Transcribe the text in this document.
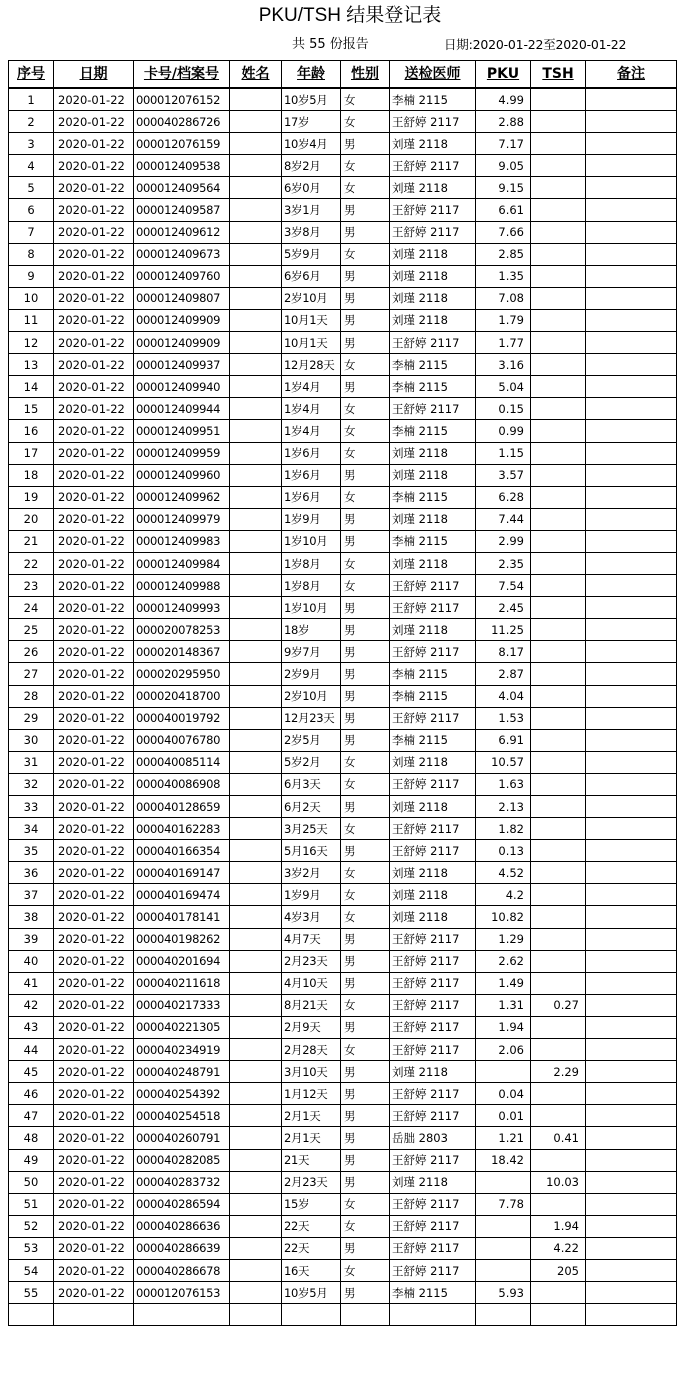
PKU/TSH 结果登记表
共 55 份报告	日期:2020-01-22至2020-01-22
序号	日期	卡号/档案号	姓名	年龄	性别	送检医师	PKU	TSH	备注
1	2020-01-22	000012076152		10岁5月	女	李楠 2115	4.99		
2	2020-01-22	000040286726		17岁	女	王舒婷 2117	2.88		
3	2020-01-22	000012076159		10岁4月	男	刘瑾 2118	7.17		
4	2020-01-22	000012409538		8岁2月	女	王舒婷 2117	9.05		
5	2020-01-22	000012409564		6岁0月	女	刘瑾 2118	9.15		
6	2020-01-22	000012409587		3岁1月	男	王舒婷 2117	6.61		
7	2020-01-22	000012409612		3岁8月	男	王舒婷 2117	7.66		
8	2020-01-22	000012409673		5岁9月	女	刘瑾 2118	2.85		
9	2020-01-22	000012409760		6岁6月	男	刘瑾 2118	1.35		
10	2020-01-22	000012409807		2岁10月	男	刘瑾 2118	7.08		
11	2020-01-22	000012409909		10月1天	男	刘瑾 2118	1.79		
12	2020-01-22	000012409909		10月1天	男	王舒婷 2117	1.77		
13	2020-01-22	000012409937		12月28天	女	李楠 2115	3.16		
14	2020-01-22	000012409940		1岁4月	男	李楠 2115	5.04		
15	2020-01-22	000012409944		1岁4月	女	王舒婷 2117	0.15		
16	2020-01-22	000012409951		1岁4月	女	李楠 2115	0.99		
17	2020-01-22	000012409959		1岁6月	女	刘瑾 2118	1.15		
18	2020-01-22	000012409960		1岁6月	男	刘瑾 2118	3.57		
19	2020-01-22	000012409962		1岁6月	女	李楠 2115	6.28		
20	2020-01-22	000012409979		1岁9月	男	刘瑾 2118	7.44		
21	2020-01-22	000012409983		1岁10月	男	李楠 2115	2.99		
22	2020-01-22	000012409984		1岁8月	女	刘瑾 2118	2.35		
23	2020-01-22	000012409988		1岁8月	女	王舒婷 2117	7.54		
24	2020-01-22	000012409993		1岁10月	男	王舒婷 2117	2.45		
25	2020-01-22	000020078253		18岁	男	刘瑾 2118	11.25		
26	2020-01-22	000020148367		9岁7月	男	王舒婷 2117	8.17		
27	2020-01-22	000020295950		2岁9月	男	李楠 2115	2.87		
28	2020-01-22	000020418700		2岁10月	男	李楠 2115	4.04		
29	2020-01-22	000040019792		12月23天	男	王舒婷 2117	1.53		
30	2020-01-22	000040076780		2岁5月	男	李楠 2115	6.91		
31	2020-01-22	000040085114		5岁2月	女	刘瑾 2118	10.57		
32	2020-01-22	000040086908		6月3天	女	王舒婷 2117	1.63		
33	2020-01-22	000040128659		6月2天	男	刘瑾 2118	2.13		
34	2020-01-22	000040162283		3月25天	女	王舒婷 2117	1.82		
35	2020-01-22	000040166354		5月16天	男	王舒婷 2117	0.13		
36	2020-01-22	000040169147		3岁2月	女	刘瑾 2118	4.52		
37	2020-01-22	000040169474		1岁9月	女	刘瑾 2118	4.2		
38	2020-01-22	000040178141		4岁3月	女	刘瑾 2118	10.82		
39	2020-01-22	000040198262		4月7天	男	王舒婷 2117	1.29		
40	2020-01-22	000040201694		2月23天	男	王舒婷 2117	2.62		
41	2020-01-22	000040211618		4月10天	男	王舒婷 2117	1.49		
42	2020-01-22	000040217333		8月21天	女	王舒婷 2117	1.31	0.27	
43	2020-01-22	000040221305		2月9天	男	王舒婷 2117	1.94		
44	2020-01-22	000040234919		2月28天	女	王舒婷 2117	2.06		
45	2020-01-22	000040248791		3月10天	男	刘瑾 2118		2.29	
46	2020-01-22	000040254392		1月12天	男	王舒婷 2117	0.04		
47	2020-01-22	000040254518		2月1天	男	王舒婷 2117	0.01		
48	2020-01-22	000040260791		2月1天	男	岳朏 2803	1.21	0.41	
49	2020-01-22	000040282085		21天	男	王舒婷 2117	18.42		
50	2020-01-22	000040283732		2月23天	男	刘瑾 2118		10.03	
51	2020-01-22	000040286594		15岁	女	王舒婷 2117	7.78		
52	2020-01-22	000040286636		22天	女	王舒婷 2117		1.94	
53	2020-01-22	000040286639		22天	男	王舒婷 2117		4.22	
54	2020-01-22	000040286678		16天	女	王舒婷 2117		205	
55	2020-01-22	000012076153		10岁5月	男	李楠 2115	5.93		
